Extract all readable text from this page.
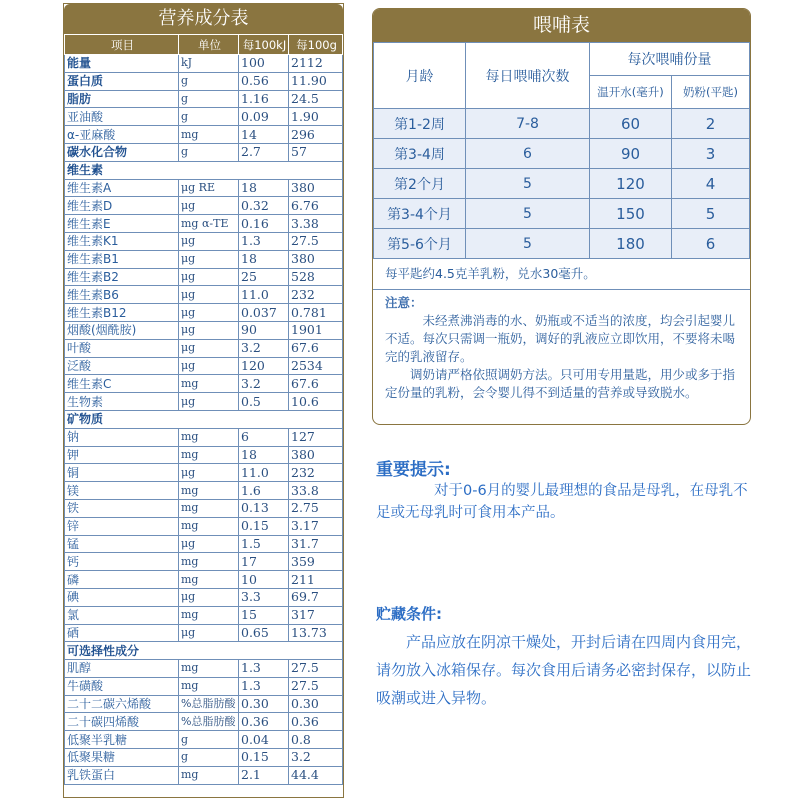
营养成分表
项目	单位	每100kJ	每100g
能量	kJ	100	2112
蛋白质	g	0.56	11.90
脂肪	g	1.16	24.5
亚油酸	g	0.09	1.90
α-亚麻酸	mg	14	296
碳水化合物	g	2.7	57
维生素			
维生素A	μg RE	18	380
维生素D	μg	0.32	6.76
维生素E	mg α-TE	0.16	3.38
维生素K1	μg	1.3	27.5
维生素B1	μg	18	380
维生素B2	μg	25	528
维生素B6	μg	11.0	232
维生素B12	μg	0.037	0.781
烟酸(烟酰胺)	μg	90	1901
叶酸	μg	3.2	67.6
泛酸	μg	120	2534
维生素C	mg	3.2	67.6
生物素	μg	0.5	10.6
矿物质			
钠	mg	6	127
钾	mg	18	380
铜	μg	11.0	232
镁	mg	1.6	33.8
铁	mg	0.13	2.75
锌	mg	0.15	3.17
锰	μg	1.5	31.7
钙	mg	17	359
磷	mg	10	211
碘	μg	3.3	69.7
氯	mg	15	317
硒	μg	0.65	13.73
可选择性成分			
肌醇	mg	1.3	27.5
牛磺酸	mg	1.3	27.5
二十二碳六烯酸	%总脂肪酸	0.30	0.30
二十碳四烯酸	%总脂肪酸	0.36	0.36
低聚半乳糖	g	0.04	0.8
低聚果糖	g	0.15	3.2
乳铁蛋白	mg	2.1	44.4
喂哺表
月龄	每日喂哺次数	每次喂哺份量	
		温开水(毫升)	奶粉(平匙)
第1-2周	7-8	60	2
第3-4周	6	90	3
第2个月	5	120	4
第3-4个月	5	150	5
第5-6个月	5	180	6
每平匙约4.5克羊乳粉，兑水30毫升。
注意：
未经煮沸消毒的水、奶瓶或不适当的浓度，均会引起婴儿不适。每次只需调一瓶奶，调好的乳液应立即饮用，不要将未喝完的乳液留存。
调奶请严格依照调奶方法。只可用专用量匙，用少或多于指定份量的乳粉，会令婴儿得不到适量的营养或导致脱水。
重要提示:
对于0-6月的婴儿最理想的食品是母乳，在母乳不足或无母乳时可食用本产品。
贮藏条件:
产品应放在阴凉干燥处，开封后请在四周内食用完，请勿放入冰箱保存。每次食用后请务必密封保存，以防止吸潮或进入异物。
